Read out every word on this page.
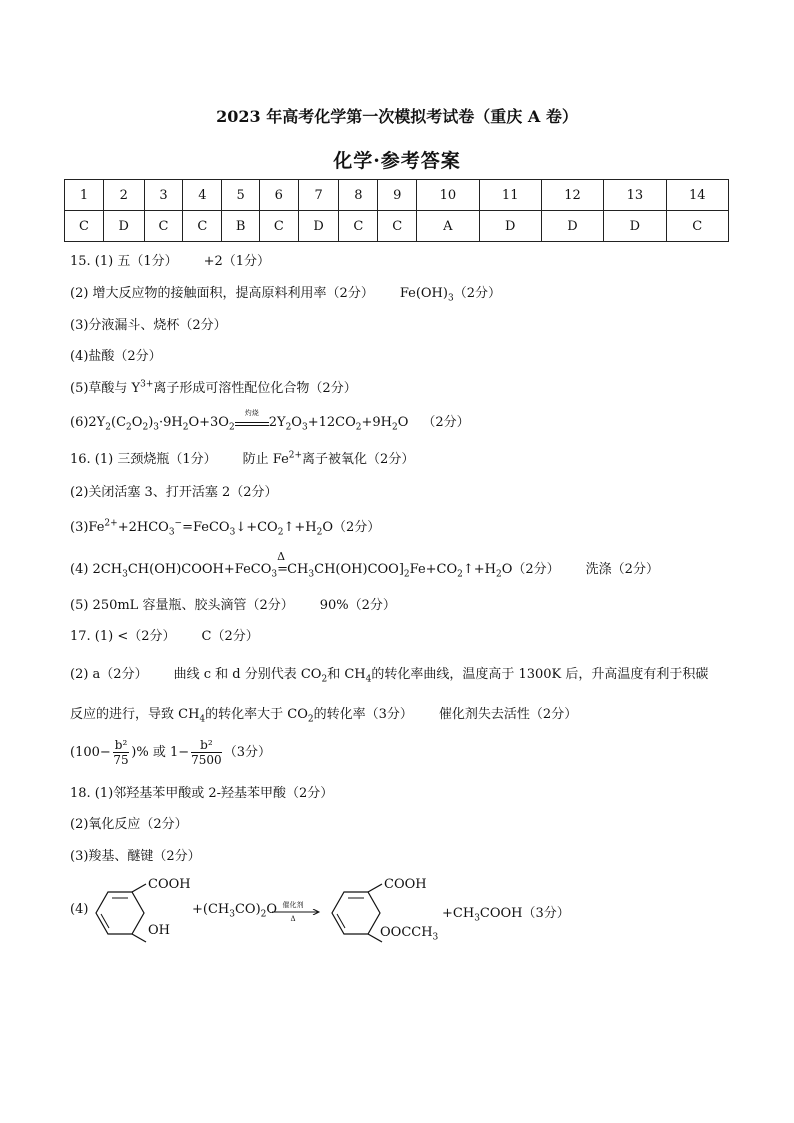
2023 年高考化学第一次模拟考试卷（重庆 A 卷）
化学·参考答案
1	2	3	4	5	6	7	8	9	10	11	12	13	14
C	D	C	C	B	C	D	C	C	A	D	D	D	C
15. (1) 五（1分） +2（1分）
(2) 增大反应物的接触面积，提高原料利用率（2分） $Fe(OH)_3(2$分）
(3)分液漏斗、烧杯（2分）
(4)盐酸（2分）
(5)草酸与 $Y^{3+}$离子形成可溶性配位化合物（2分）
$(6)2Y_2(C_2O_2)_3\cdot 9H_2O+3O_2$
灼烧
$2Y_2O_3+12CO_2+9H_2O$ （2分）
16. (1) 三颈烧瓶（1分） 防止 $Fe^{2+}$离子被氧化（2分）
(2)关闭活塞 3、打开活塞 2（2分）
$(3)Fe^{2+}+2HCO_3^-=FeCO_3↓+CO_2↑+H_2O(2$分）
(4) $2CH_3CH(OH)COOH+FeCO_3$
Δ
$=CH_3CH(OH)COO]_2Fe+CO_2↑+H_2O(2$分） 洗涤（2分）
(5) 250mL 容量瓶、胶头滴管（2分） 90%（2分）
17. (1) <（2分） C（2分）
(2) a（2分） 曲线 c 和 d 分别代表 $CO_2$和 $CH_4$的转化率曲线，温度高于 1300K 后，升高温度有利于积碳
反应的进行，导致 $CH_4$的转化率大于 $CO_2$的转化率（3分） 催化剂失去活性（2分）
($100- \frac{\text{b²}}{75}$ )% 或 $1- \frac{\text{b²}}{7500} (3$分）
18. (1)邻羟基苯甲酸或 2-羟基苯甲酸（2分）
(2)氧化反应（2分）
(3)羧基、醚键（2分）
(4)
COOH
OH
$+(CH_3CO)_2O$ 催化剂
Δ
COOH
$OOCCH_3$
$+CH_3COOH(3$分）
